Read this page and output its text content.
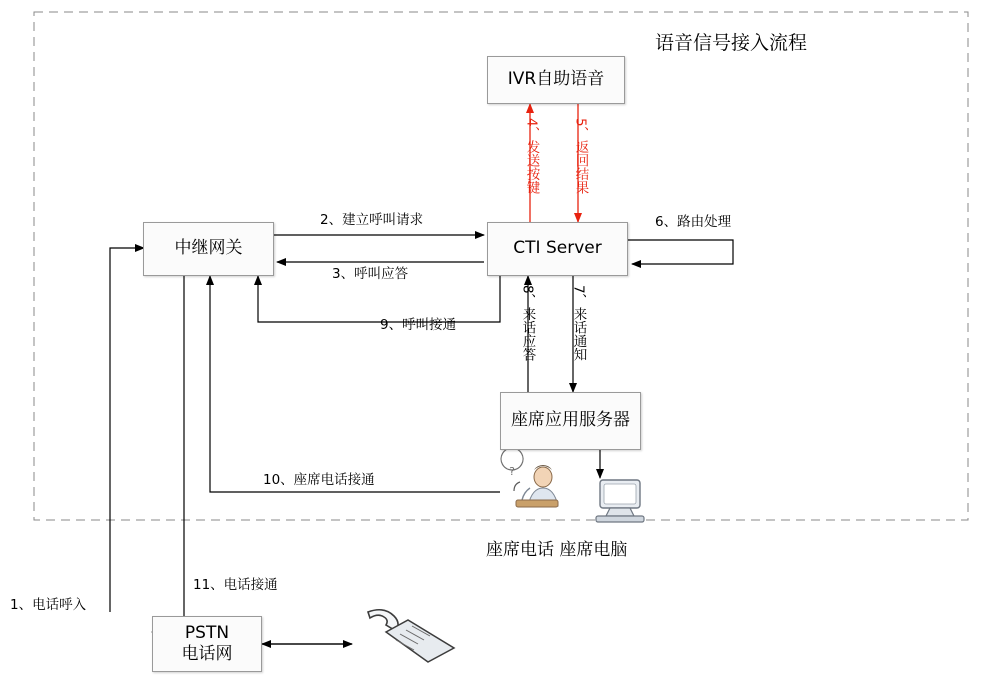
?
语音信号接入流程
IVR自助语音
中继网关	CTI Server
座席应用服务器
PSTN
电话网
2、建立呼叫请求
3、呼叫应答
4、
发送按键
5、
返回结果
6、路由处理
7、
来话通知
8、
来话应答
9、呼叫接通
10、座席电话接通
11、电话接通
1、电话呼入
座席电话 座席电脑
